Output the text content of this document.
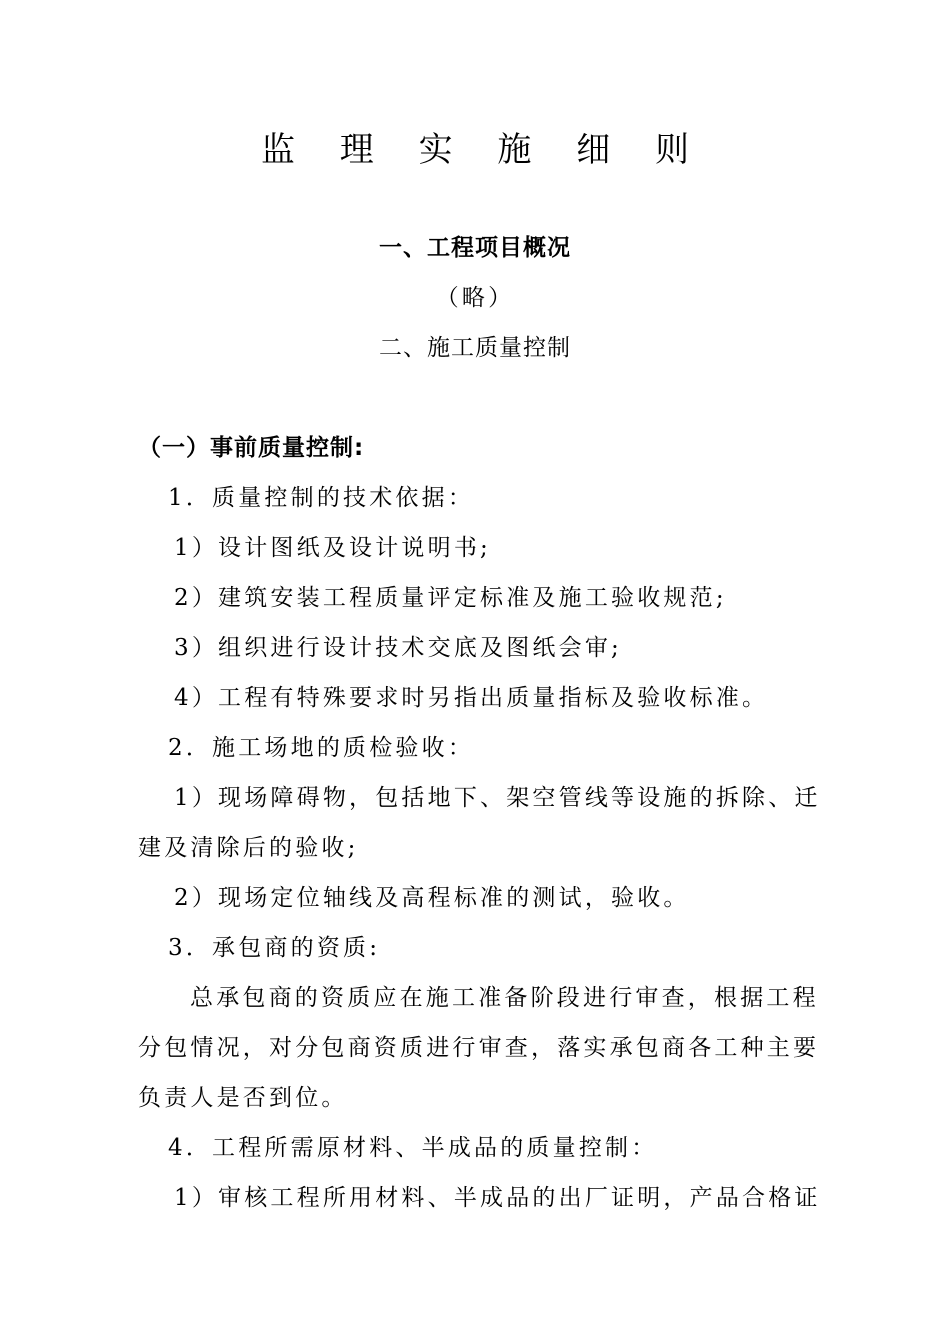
监 理 实 施 细 则
一、工程项目概况
（略）
二、施工质量控制
（一）事前质量控制:
1．质量控制的技术依据：
1）设计图纸及设计说明书;
2）建筑安装工程质量评定标准及施工验收规范;
3）组织进行设计技术交底及图纸会审;
4）工程有特殊要求时另指出质量指标及验收标准。
2．施工场地的质检验收：
1）现场障碍物，包括地下、架空管线等设施的拆除、迁
建及清除后的验收;
2）现场定位轴线及高程标准的测试，验收。
3．承包商的资质:
总承包商的资质应在施工准备阶段进行审查，根据工程
分包情况，对分包商资质进行审查，落实承包商各工种主要
负责人是否到位。
4．工程所需原材料、半成品的质量控制：
1）审核工程所用材料、半成品的出厂证明，产品合格证
